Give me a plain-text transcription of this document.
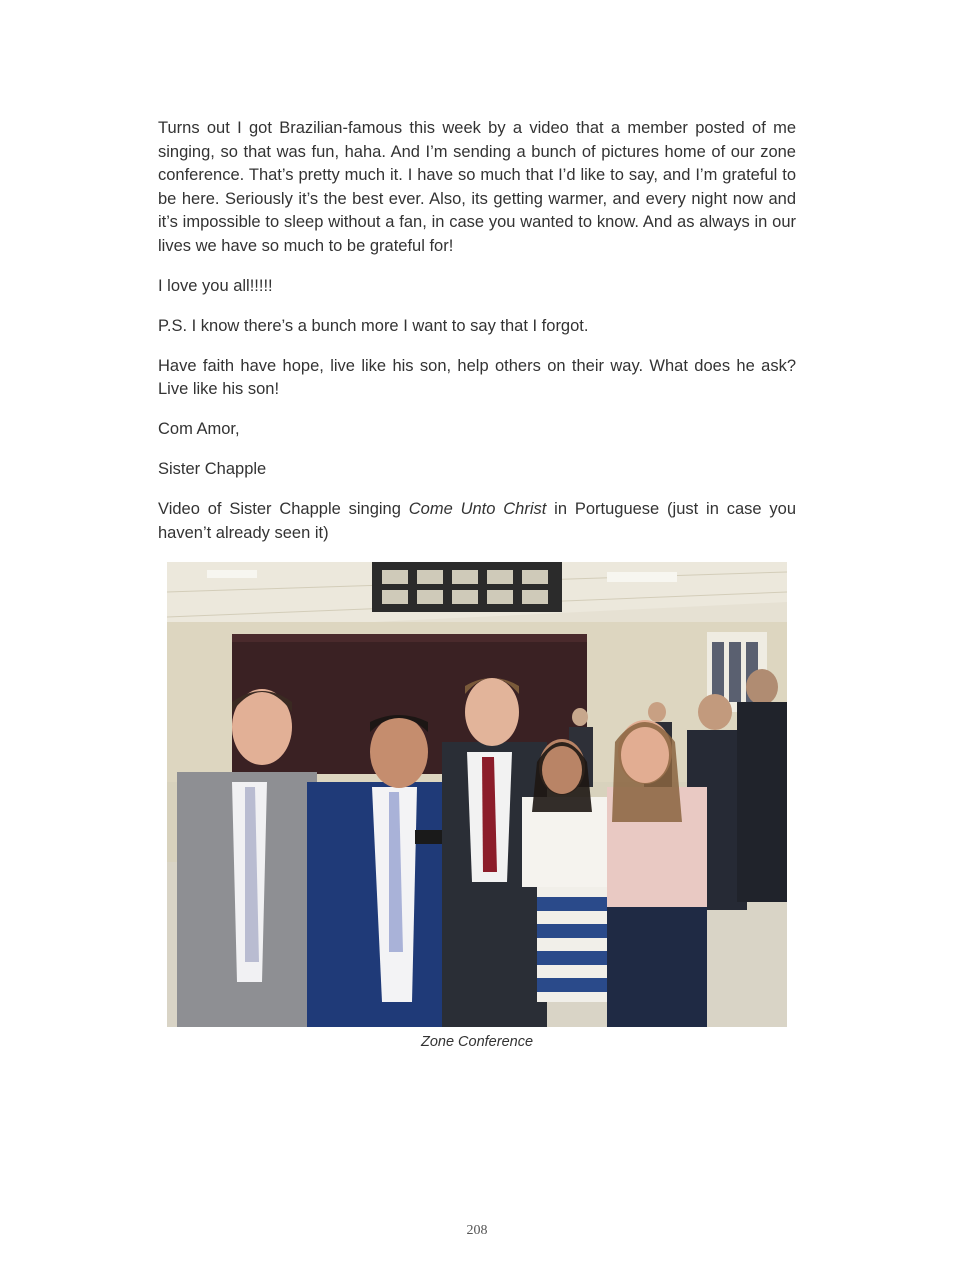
Turns out I got Brazilian-famous this week by a video that a member posted of me singing, so that was fun, haha. And I’m sending a bunch of pictures home of our zone conference. That’s pretty much it. I have so much that I’d like to say, and I’m grateful to be here. Seriously it’s the best ever. Also, its getting warmer, and every night now and it’s impossible to sleep without a fan, in case you wanted to know. And as always in our lives we have so much to be grateful for!

I love you all!!!!!

P.S. I know there’s a bunch more I want to say that I forgot.

Have faith have hope, live like his son, help others on their way. What does he ask? Live like his son!

Com Amor,

Sister Chapple

Video of Sister Chapple singing Come Unto Christ in Portuguese (just in case you haven’t already seen it)

Zone Conference
208
